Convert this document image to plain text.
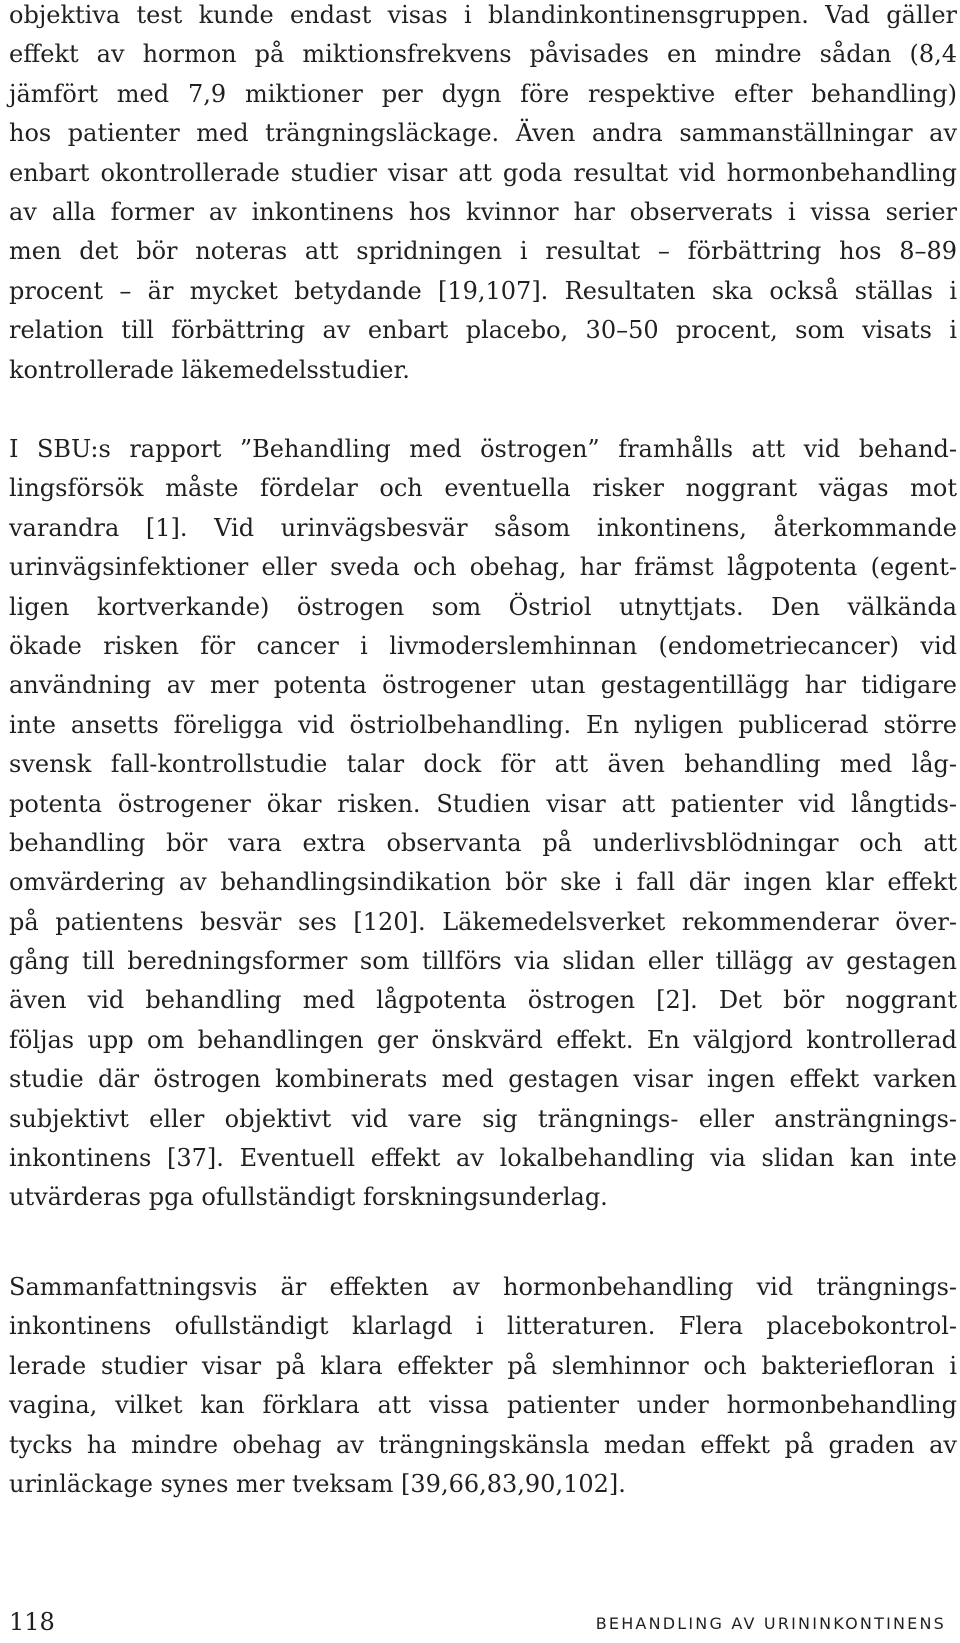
objektiva test kunde endast visas i blandinkontinensgruppen. Vad gäller
effekt av hormon på miktionsfrekvens påvisades en mindre sådan (8,4
jämfört med 7,9 miktioner per dygn före respektive efter behandling)
hos patienter med trängningsläckage. Även andra sammanställningar av
enbart okontrollerade studier visar att goda resultat vid hormonbehandling
av alla former av inkontinens hos kvinnor har observerats i vissa serier
men det bör noteras att spridningen i resultat – förbättring hos 8–89
procent – är mycket betydande [19,107]. Resultaten ska också ställas i
relation till förbättring av enbart placebo, 30–50 procent, som visats i
kontrollerade läkemedelsstudier.
I SBU:s rapport ”Behandling med östrogen” framhålls att vid behand-
lingsförsök måste fördelar och eventuella risker noggrant vägas mot
varandra [1]. Vid urinvägsbesvär såsom inkontinens, återkommande
urinvägsinfektioner eller sveda och obehag, har främst lågpotenta (egent-
ligen kortverkande) östrogen som Östriol utnyttjats. Den välkända
ökade risken för cancer i livmoderslemhinnan (endometriecancer) vid
användning av mer potenta östrogener utan gestagentillägg har tidigare
inte ansetts föreligga vid östriolbehandling. En nyligen publicerad större
svensk fall-kontrollstudie talar dock för att även behandling med låg-
potenta östrogener ökar risken. Studien visar att patienter vid långtids-
behandling bör vara extra observanta på underlivsblödningar och att
omvärdering av behandlingsindikation bör ske i fall där ingen klar effekt
på patientens besvär ses [120]. Läkemedelsverket rekommenderar över-
gång till beredningsformer som tillförs via slidan eller tillägg av gestagen
även vid behandling med lågpotenta östrogen [2]. Det bör noggrant
följas upp om behandlingen ger önskvärd effekt. En välgjord kontrollerad
studie där östrogen kombinerats med gestagen visar ingen effekt varken
subjektivt eller objektivt vid vare sig trängnings- eller ansträngnings-
inkontinens [37]. Eventuell effekt av lokalbehandling via slidan kan inte
utvärderas pga ofullständigt forskningsunderlag.
Sammanfattningsvis är effekten av hormonbehandling vid trängnings-
inkontinens ofullständigt klarlagd i litteraturen. Flera placebokontrol-
lerade studier visar på klara effekter på slemhinnor och bakteriefloran i
vagina, vilket kan förklara att vissa patienter under hormonbehandling
tycks ha mindre obehag av trängningskänsla medan effekt på graden av
urinläckage synes mer tveksam [39,66,83,90,102].
118	BEHANDLING AV URININKONTINENS
